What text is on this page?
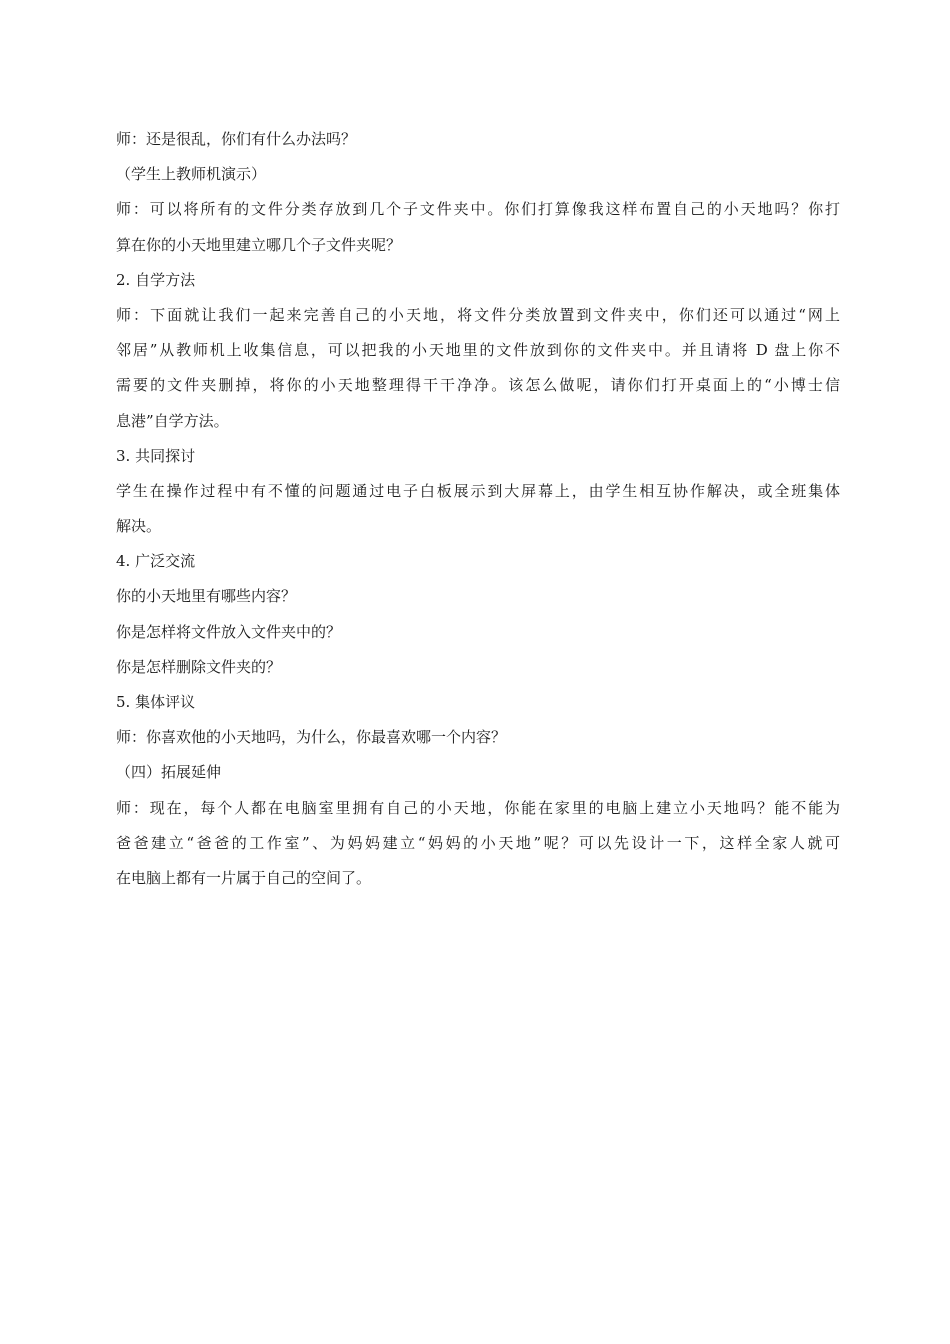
师：还是很乱，你们有什么办法吗？
（学生上教师机演示）
师：可以将所有的文件分类存放到几个子文件夹中。你们打算像我这样布置自己的小天地吗？你打
算在你的小天地里建立哪几个子文件夹呢？
2. 自学方法
师：下面就让我们一起来完善自己的小天地，将文件分类放置到文件夹中，你们还可以通过“网上
邻居”从教师机上收集信息，可以把我的小天地里的文件放到你的文件夹中。并且请将 D 盘上你不
需要的文件夹删掉，将你的小天地整理得干干净净。该怎么做呢，请你们打开桌面上的“小博士信
息港”自学方法。
3. 共同探讨
学生在操作过程中有不懂的问题通过电子白板展示到大屏幕上，由学生相互协作解决，或全班集体
解决。
4. 广泛交流
你的小天地里有哪些内容？
你是怎样将文件放入文件夹中的？
你是怎样删除文件夹的？
5. 集体评议
师：你喜欢他的小天地吗，为什么，你最喜欢哪一个内容？
（四）拓展延伸
师：现在，每个人都在电脑室里拥有自己的小天地，你能在家里的电脑上建立小天地吗？能不能为
爸爸建立“爸爸的工作室”、为妈妈建立“妈妈的小天地”呢？可以先设计一下，这样全家人就可
在电脑上都有一片属于自己的空间了。
